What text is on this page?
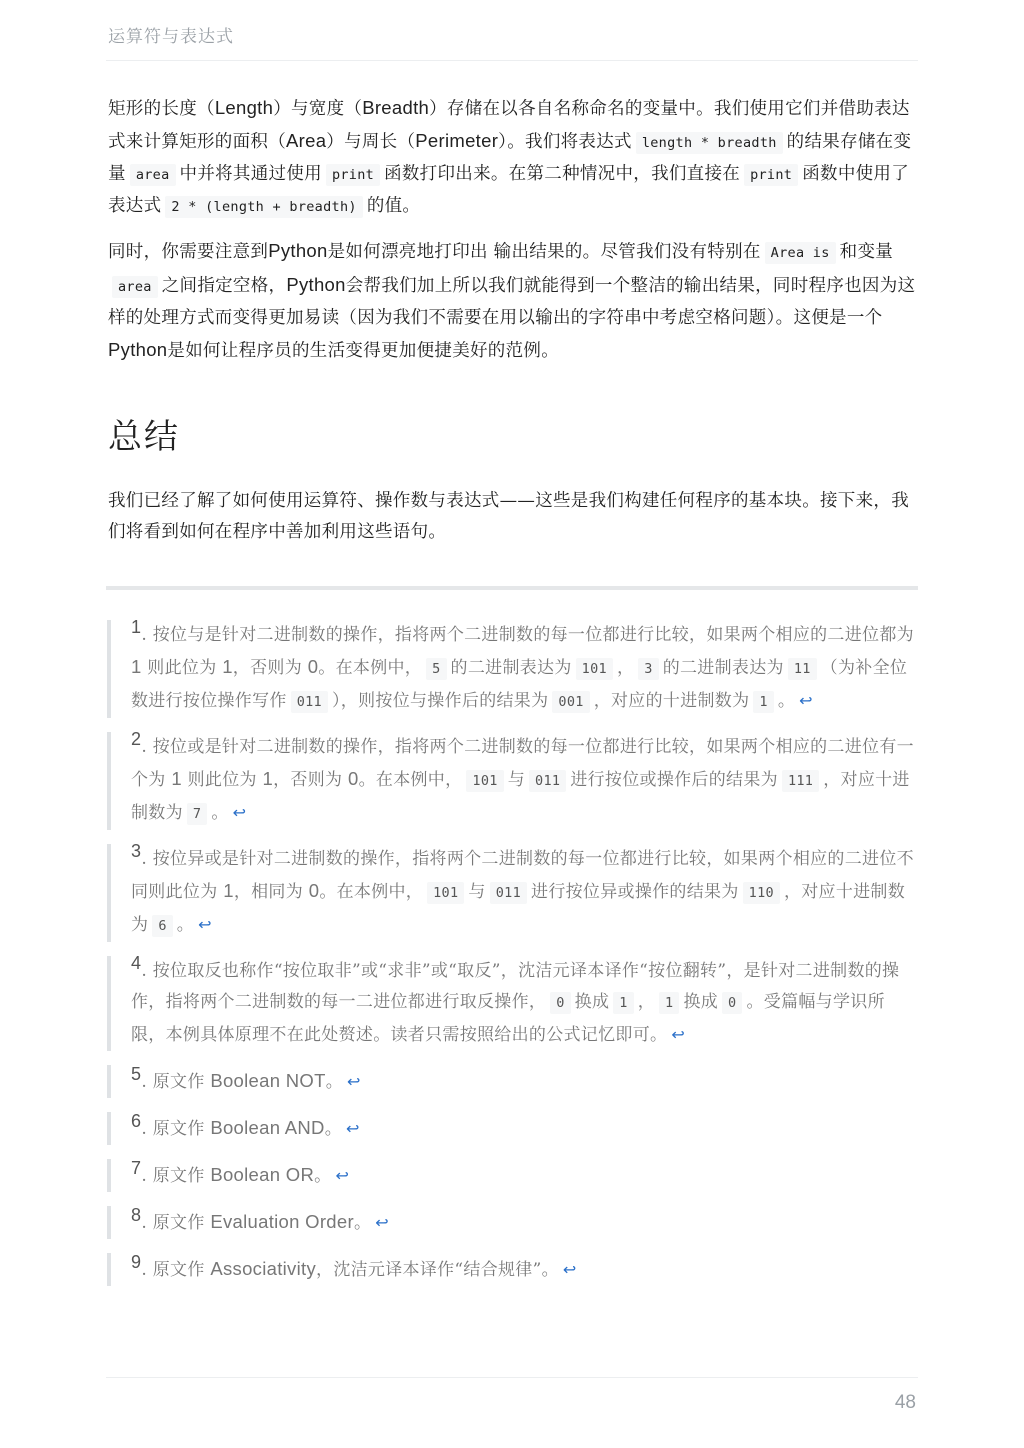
运算符与表达式

矩形的长度（Length）与宽度（Breadth）存储在以各自名称命名的变量中。我们使用它们并借助表达式来计算矩形的面积（Area）与周长（Perimeter）。我们将表达式 length * breadth 的结果存储在变量 area 中并将其通过使用 print 函数打印出来。在第二种情况中，我们直接在 print 函数中使用了表达式 2 * (length + breadth) 的值。

同时，你需要注意到Python是如何漂亮地打印出 输出结果的。尽管我们没有特别在 Area is 和变量area 之间指定空格，Python会帮我们加上所以我们就能得到一个整洁的输出结果，同时程序也因为这样的处理方式而变得更加易读（因为我们不需要在用以输出的字符串中考虑空格问题）。这便是一个Python是如何让程序员的生活变得更加便捷美好的范例。

总结

我们已经了解了如何使用运算符、操作数与表达式——这些是我们构建任何程序的基本块。接下来，我们将看到如何在程序中善加利用这些语句。

$^1$. 按位与是针对二进制数的操作，指将两个二进制数的每一位都进行比较，如果两个相应的二进位都为 1 则此位为 1，否则为 0。在本例中， 5 的二进制表达为 101 ， 3 的二进制表达为 11 （为补全位数进行按位操作写作 011 ），则按位与操作后的结果为 001 ，对应的十进制数为 1 。 ↩
$^2$. 按位或是针对二进制数的操作，指将两个二进制数的每一位都进行比较，如果两个相应的二进位有一个为 1 则此位为 1，否则为 0。在本例中， 101 与 011 进行按位或操作后的结果为 111 ，对应十进制数为 7 。 ↩
$^3$. 按位异或是针对二进制数的操作，指将两个二进制数的每一位都进行比较，如果两个相应的二进位不同则此位为 1，相同为 0。在本例中， 101 与 011 进行按位异或操作的结果为 110 ，对应十进制数为 6 。 ↩
$^4$. 按位取反也称作“按位取非”或“求非”或“取反”，沈洁元译本译作“按位翻转”，是针对二进制数的操作，指将两个二进制数的每一二进位都进行取反操作， 0 换成 1 ， 1 换成 0 。受篇幅与学识所限，本例具体原理不在此处赘述。读者只需按照给出的公式记忆即可。 ↩
$^5$. 原文作 Boolean NOT。 ↩
$^6$. 原文作 Boolean AND。 ↩
$^7$. 原文作 Boolean OR。 ↩
$^8$. 原文作 Evaluation Order。 ↩
$^9$. 原文作 Associativity，沈洁元译本译作“结合规律”。 ↩
48
